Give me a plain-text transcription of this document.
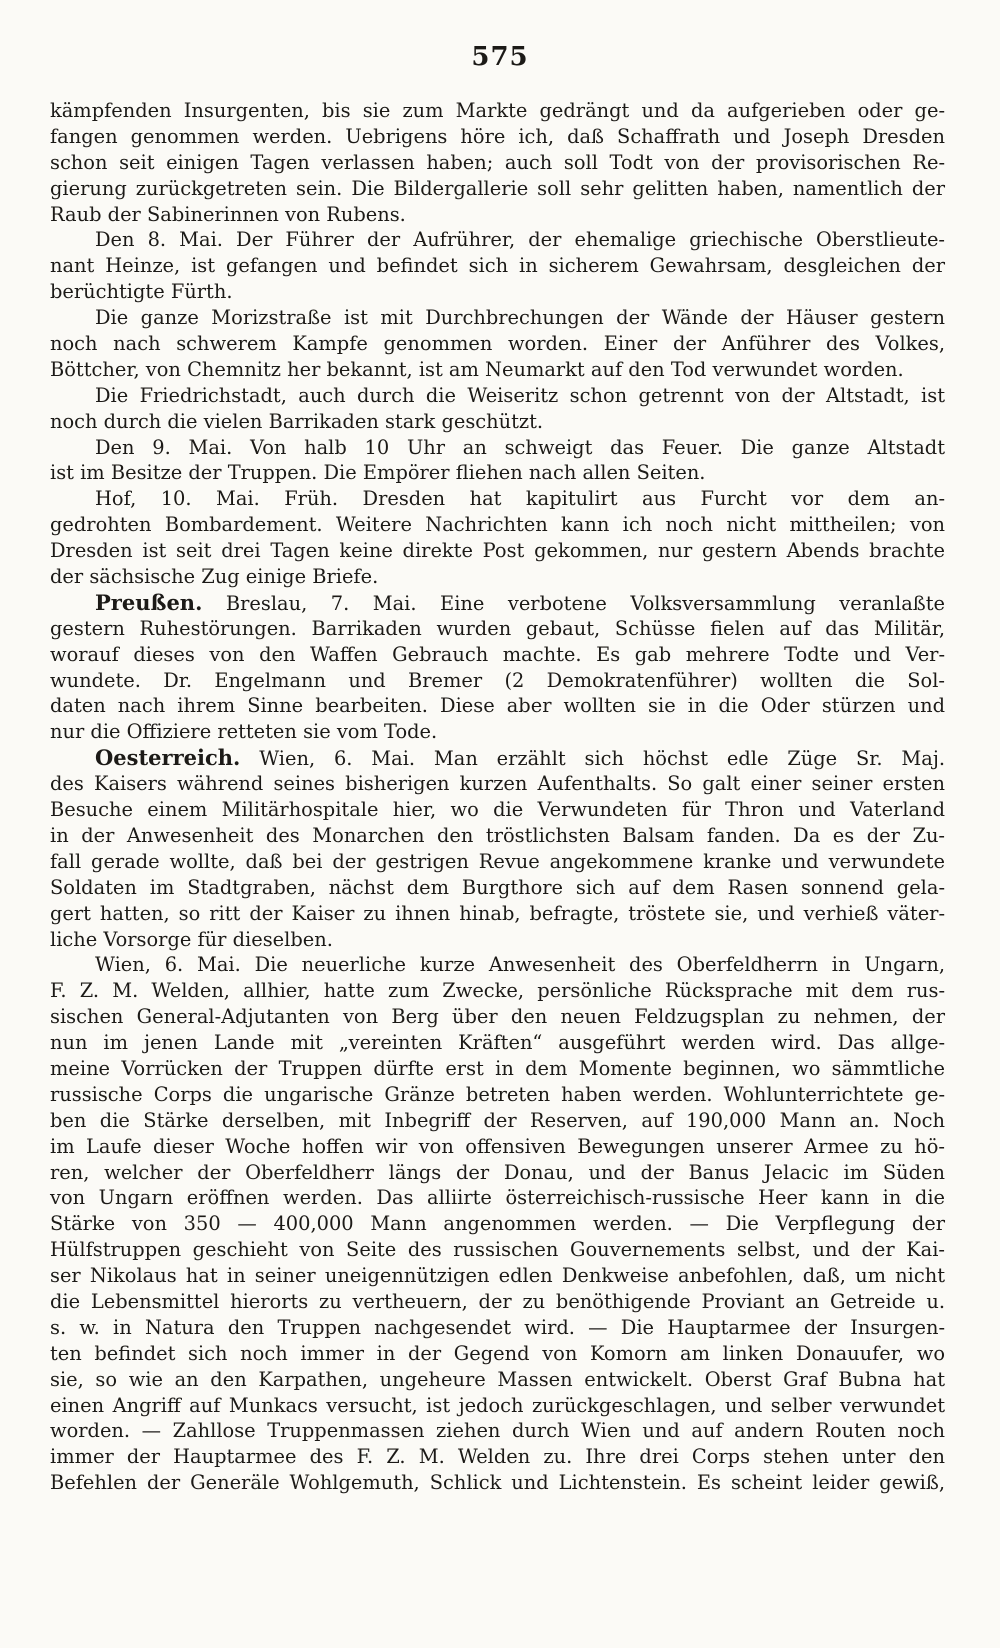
575
kämpfenden Insurgenten, bis sie zum Markte gedrängt und da aufgerieben oder ge-
fangen genommen werden. Uebrigens höre ich, daß Schaffrath und Joseph Dresden
schon seit einigen Tagen verlassen haben; auch soll Todt von der provisorischen Re-
gierung zurückgetreten sein. Die Bildergallerie soll sehr gelitten haben, namentlich der
Raub der Sabinerinnen von Rubens.
Den 8. Mai. Der Führer der Aufrührer, der ehemalige griechische Oberstlieute-
nant Heinze, ist gefangen und befindet sich in sicherem Gewahrsam, desgleichen der
berüchtigte Fürth.
Die ganze Morizstraße ist mit Durchbrechungen der Wände der Häuser gestern
noch nach schwerem Kampfe genommen worden. Einer der Anführer des Volkes,
Böttcher, von Chemnitz her bekannt, ist am Neumarkt auf den Tod verwundet worden.
Die Friedrichstadt, auch durch die Weiseritz schon getrennt von der Altstadt, ist
noch durch die vielen Barrikaden stark geschützt.
Den 9. Mai. Von halb 10 Uhr an schweigt das Feuer. Die ganze Altstadt
ist im Besitze der Truppen. Die Empörer fliehen nach allen Seiten.
Hof, 10. Mai. Früh. Dresden hat kapitulirt aus Furcht vor dem an-
gedrohten Bombardement. Weitere Nachrichten kann ich noch nicht mittheilen; von
Dresden ist seit drei Tagen keine direkte Post gekommen, nur gestern Abends brachte
der sächsische Zug einige Briefe.
Preußen. Breslau, 7. Mai. Eine verbotene Volksversammlung veranlaßte
gestern Ruhestörungen. Barrikaden wurden gebaut, Schüsse fielen auf das Militär,
worauf dieses von den Waffen Gebrauch machte. Es gab mehrere Todte und Ver-
wundete. Dr. Engelmann und Bremer (2 Demokratenführer) wollten die Sol-
daten nach ihrem Sinne bearbeiten. Diese aber wollten sie in die Oder stürzen und
nur die Offiziere retteten sie vom Tode.
Oesterreich. Wien, 6. Mai. Man erzählt sich höchst edle Züge Sr. Maj.
des Kaisers während seines bisherigen kurzen Aufenthalts. So galt einer seiner ersten
Besuche einem Militärhospitale hier, wo die Verwundeten für Thron und Vaterland
in der Anwesenheit des Monarchen den tröstlichsten Balsam fanden. Da es der Zu-
fall gerade wollte, daß bei der gestrigen Revue angekommene kranke und verwundete
Soldaten im Stadtgraben, nächst dem Burgthore sich auf dem Rasen sonnend gela-
gert hatten, so ritt der Kaiser zu ihnen hinab, befragte, tröstete sie, und verhieß väter-
liche Vorsorge für dieselben.
Wien, 6. Mai. Die neuerliche kurze Anwesenheit des Oberfeldherrn in Ungarn,
F. Z. M. Welden, allhier, hatte zum Zwecke, persönliche Rücksprache mit dem rus-
sischen General-Adjutanten von Berg über den neuen Feldzugsplan zu nehmen, der
nun im jenen Lande mit „vereinten Kräften“ ausgeführt werden wird. Das allge-
meine Vorrücken der Truppen dürfte erst in dem Momente beginnen, wo sämmtliche
russische Corps die ungarische Gränze betreten haben werden. Wohlunterrichtete ge-
ben die Stärke derselben, mit Inbegriff der Reserven, auf 190,000 Mann an. Noch
im Laufe dieser Woche hoffen wir von offensiven Bewegungen unserer Armee zu hö-
ren, welcher der Oberfeldherr längs der Donau, und der Banus Jelacic im Süden
von Ungarn eröffnen werden. Das alliirte österreichisch-russische Heer kann in die
Stärke von 350 — 400,000 Mann angenommen werden. — Die Verpflegung der
Hülfstruppen geschieht von Seite des russischen Gouvernements selbst, und der Kai-
ser Nikolaus hat in seiner uneigennützigen edlen Denkweise anbefohlen, daß, um nicht
die Lebensmittel hierorts zu vertheuern, der zu benöthigende Proviant an Getreide u.
s. w. in Natura den Truppen nachgesendet wird. — Die Hauptarmee der Insurgen-
ten befindet sich noch immer in der Gegend von Komorn am linken Donauufer, wo
sie, so wie an den Karpathen, ungeheure Massen entwickelt. Oberst Graf Bubna hat
einen Angriff auf Munkacs versucht, ist jedoch zurückgeschlagen, und selber verwundet
worden. — Zahllose Truppenmassen ziehen durch Wien und auf andern Routen noch
immer der Hauptarmee des F. Z. M. Welden zu. Ihre drei Corps stehen unter den
Befehlen der Generäle Wohlgemuth, Schlick und Lichtenstein. Es scheint leider gewiß,
